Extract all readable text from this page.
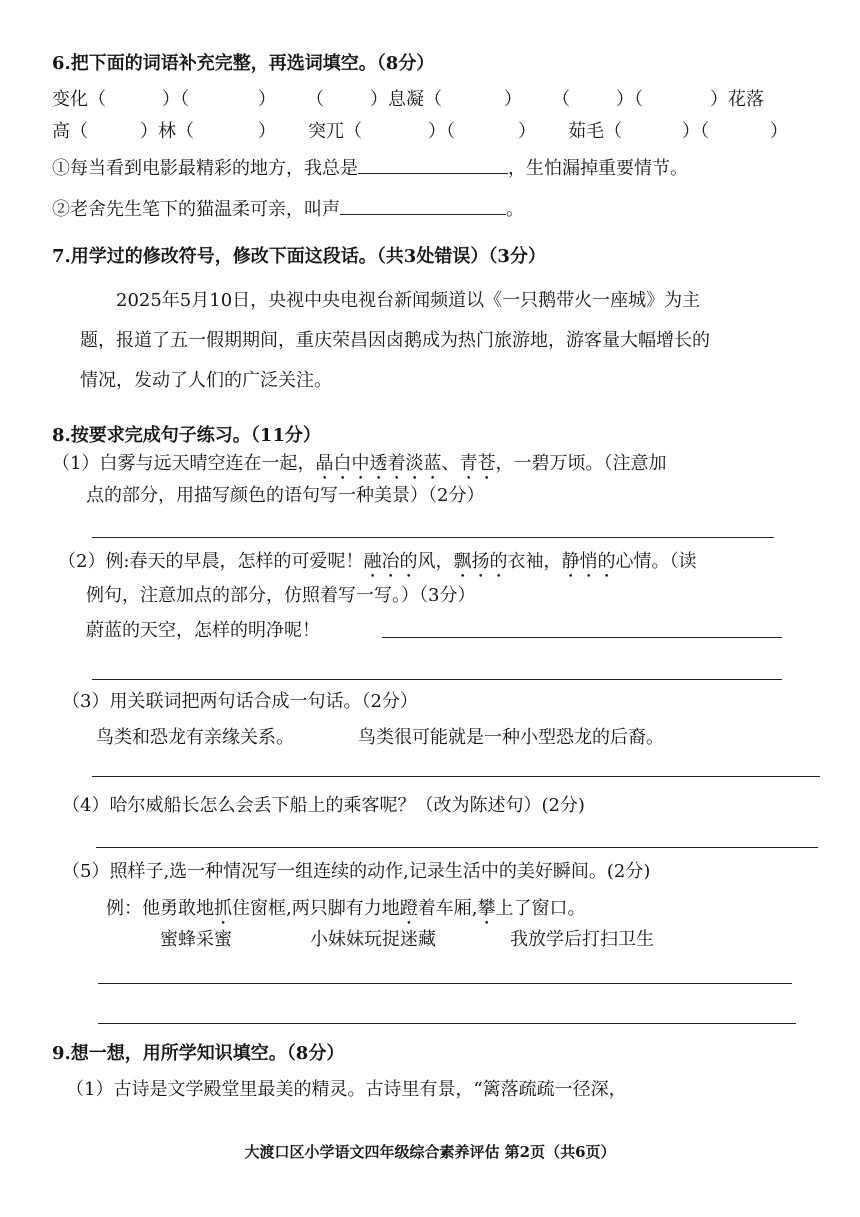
6.把下面的词语补充完整，再选词填空。（8分）
变化（	）（	） （	）息凝（	） （	）（	）花落
高（	）林（	） 突兀（	）（	） 茹毛（	）（	）
①每当看到电影最精彩的地方，我总是	，生怕漏掉重要情节。
②老舍先生笔下的猫温柔可亲，叫声	。
7.用学过的修改符号，修改下面这段话。（共3处错误）（3分）
2025年5月10日，央视中央电视台新闻频道以《一只鹅带火一座城》为主
题，报道了五一假期期间，重庆荣昌因卤鹅成为热门旅游地，游客量大幅增长的
情况，发动了人们的广泛关注。
8.按要求完成句子练习。（11分）
（1）白雾与远天晴空连在一起，晶白中透着淡蓝、青苍，一碧万顷。（注意加
点的部分，用描写颜色的语句写一种美景）（2分）
（2）例:春天的早晨，怎样的可爱呢！融冶的风，飘扬的衣袖，静悄的心情。（读
例句，注意加点的部分，仿照着写一写。）（3分）
蔚蓝的天空，怎样的明净呢！
（3）用关联词把两句话合成一句话。（2分）
鸟类和恐龙有亲缘关系。	鸟类很可能就是一种小型恐龙的后裔。
（4）哈尔威船长怎么会丢下船上的乘客呢？（改为陈述句）(2分)
（5）照样子,选一种情况写一组连续的动作,记录生活中的美好瞬间。(2分)
例：他勇敢地抓住窗框,两只脚有力地蹬着车厢,攀上了窗口。
蜜蜂采蜜	小妹妹玩捉迷藏	我放学后打扫卫生
9.想一想，用所学知识填空。（8分）
（1）古诗是文学殿堂里最美的精灵。古诗里有景，“篱落疏疏一径深，
大渡口区小学语文四年级综合素养评估 第2页（共6页）
